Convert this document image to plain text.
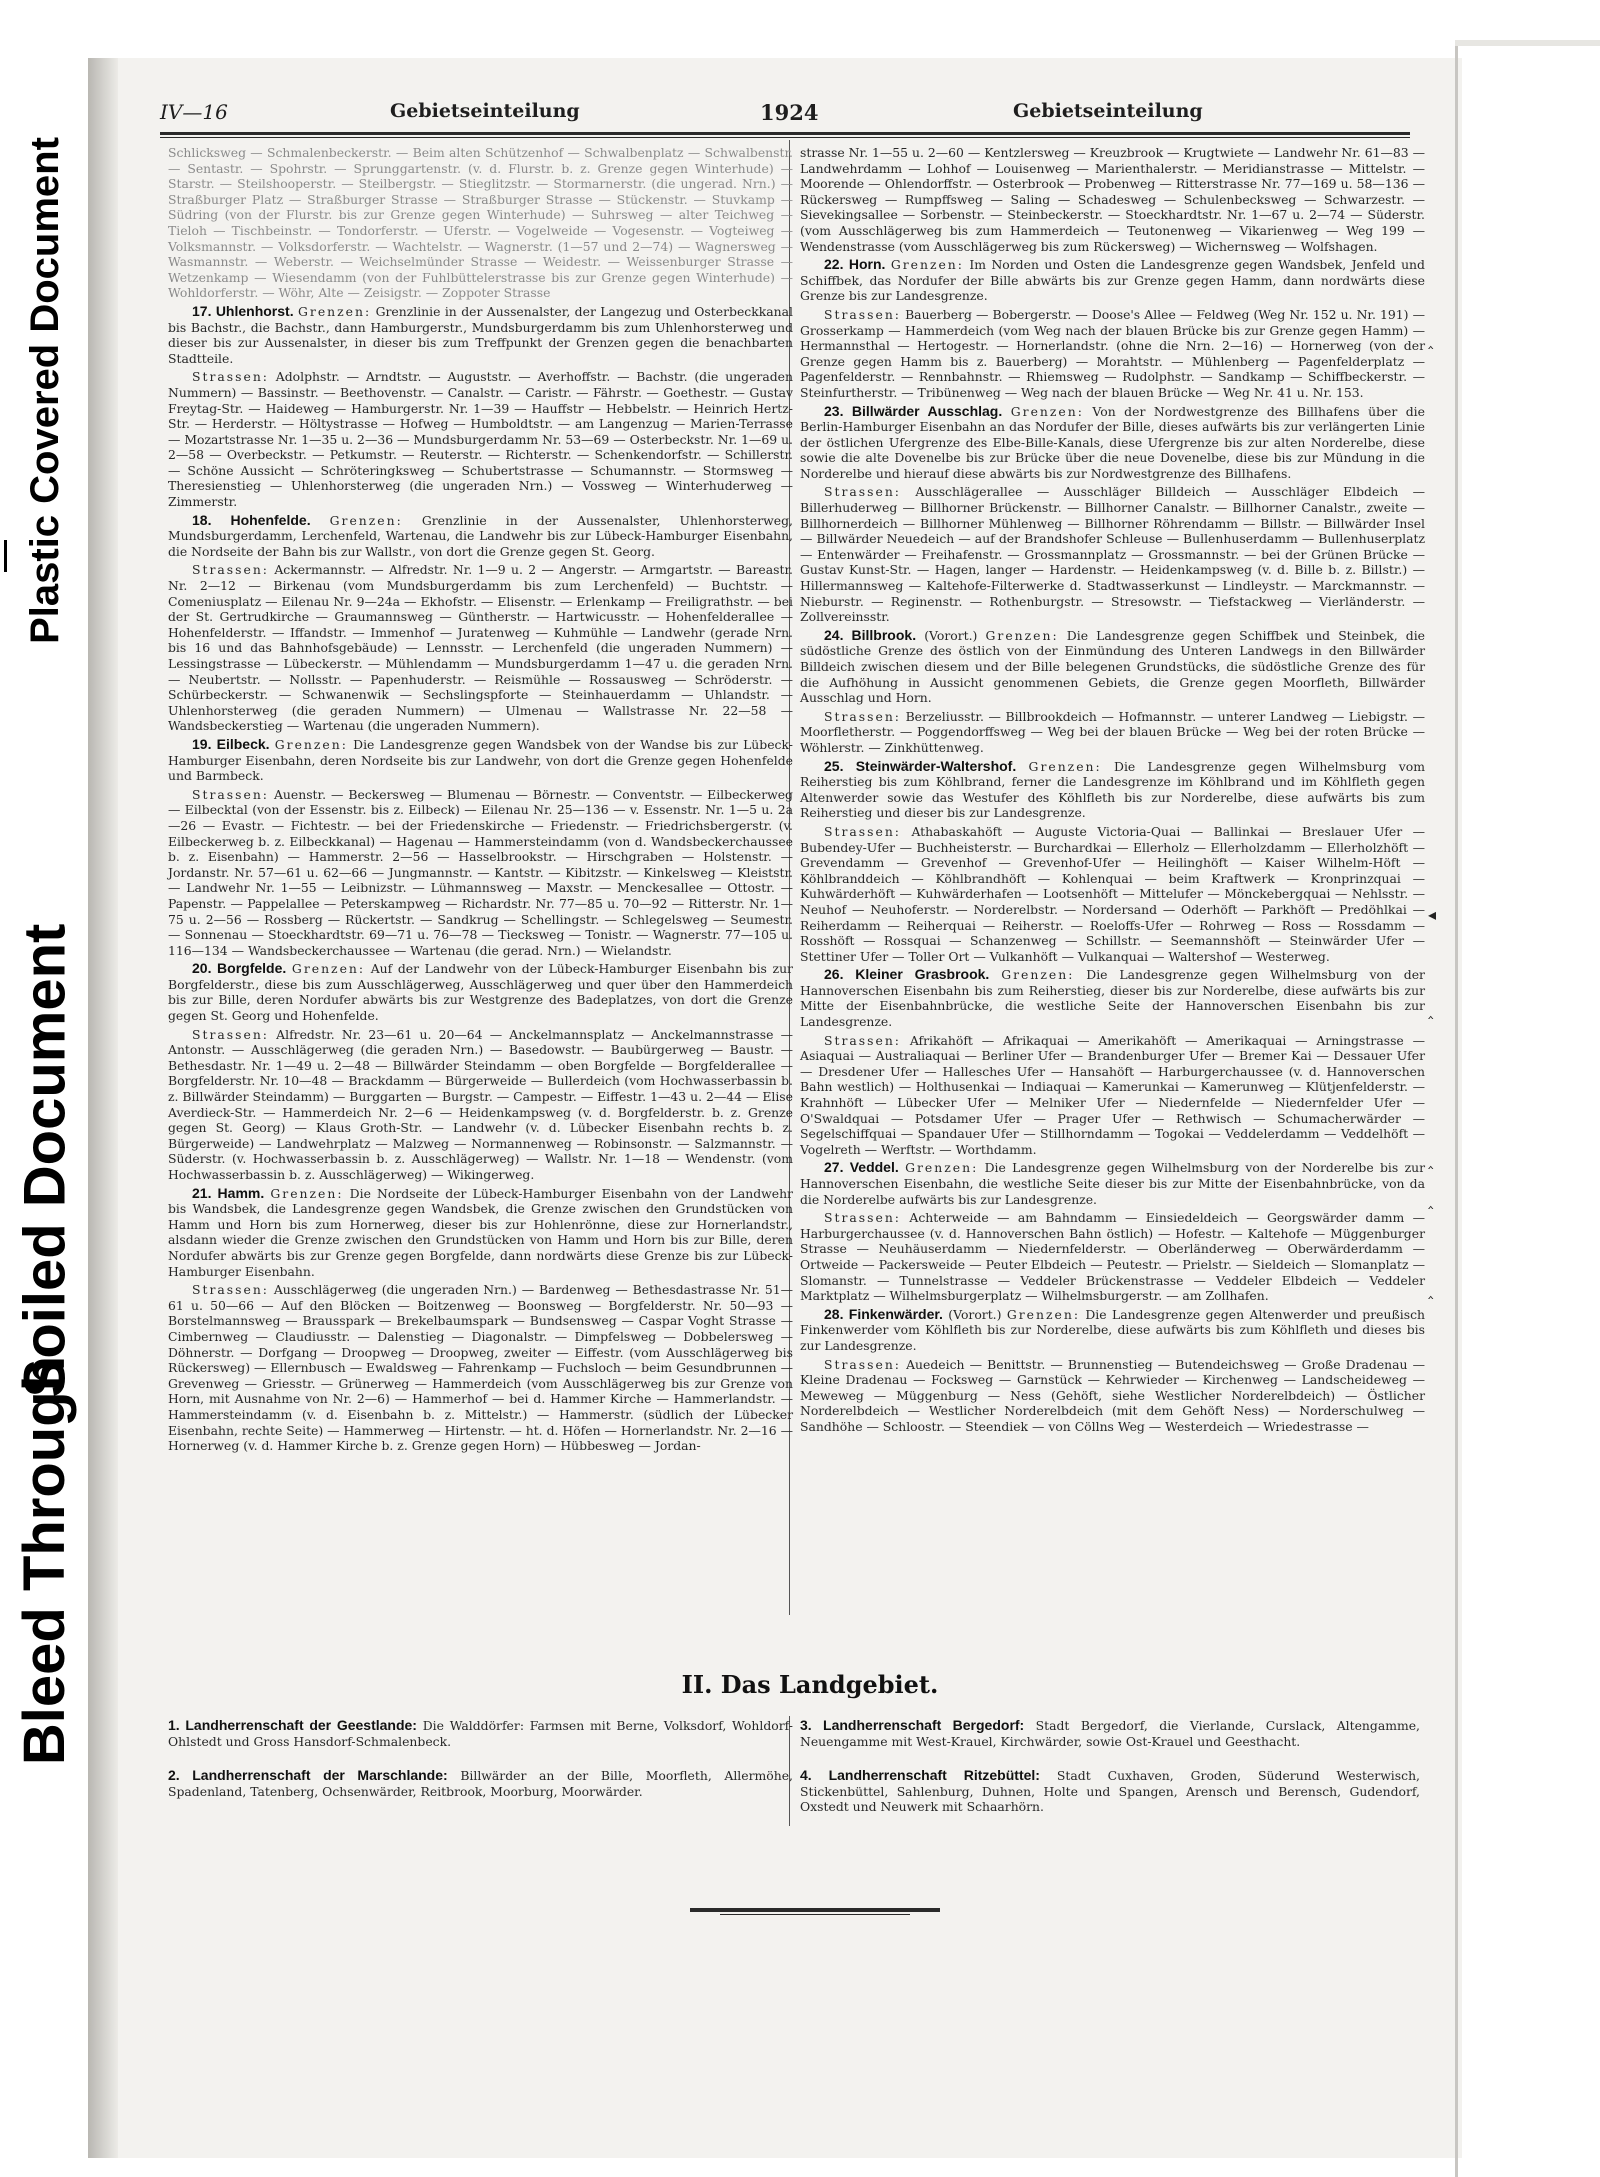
Plastic Covered Document
Soiled Document
Bleed Through
IV—16	Gebietseinteilung	1924	Gebietseinteilung

Schlicksweg — Schmalenbeckerstr. — Beim alten Schützenhof — Schwalbenplatz — Schwalbenstr. — Sentastr. — Spohrstr. — Sprunggartenstr. (v. d. Flurstr. b. z. Grenze gegen Winterhude) — Starstr. — Steilshooperstr. — Steilbergstr. — Stieglitzstr. — Stormarnerstr. (die ungerad. Nrn.) — Straßburger Platz — Straßburger Strasse — Straßburger Strasse — Stückenstr. — Stuvkamp — Südring (von der Flurstr. bis zur Grenze gegen Winterhude) — Suhrsweg — alter Teichweg — Tieloh — Tischbeinstr. — Tondorferstr. — Uferstr. — Vogelweide — Vogesenstr. — Vogteiweg — Volksmannstr. — Volksdorferstr. — Wachtelstr. — Wagnerstr. (1—57 und 2—74) — Wagnersweg — Wasmannstr. — Weberstr. — Weichselmünder Strasse — Weidestr. — Weissenburger Strasse — Wetzenkamp — Wiesendamm (von der Fuhlbüttelerstrasse bis zur Grenze gegen Winterhude) — Wohldorferstr. — Wöhr, Alte — Zeisigstr. — Zoppoter Strasse

17. Uhlenhorst. Grenzen: Grenzlinie in der Aussenalster, der Langezug und Osterbeckkanal bis Bachstr., die Bachstr., dann Hamburgerstr., Mundsburgerdamm bis zum Uhlenhorsterweg und dieser bis zur Aussenalster, in dieser bis zum Treffpunkt der Grenzen gegen die benachbarten Stadtteile.

Strassen: Adolphstr. — Arndtstr. — Auguststr. — Averhoffstr. — Bachstr. (die ungeraden Nummern) — Bassinstr. — Beethovenstr. — Canalstr. — Caristr. — Fährstr. — Goethestr. — Gustav Freytag-Str. — Haideweg — Hamburgerstr. Nr. 1—39 — Hauffstr — Hebbelstr. — Heinrich Hertz-Str. — Herderstr. — Höltystrasse — Hofweg — Humboldtstr. — am Langenzug — Marien-Terrasse — Mozartstrasse Nr. 1—35 u. 2—36 — Mundsburgerdamm Nr. 53—69 — Osterbeckstr. Nr. 1—69 u. 2—58 — Overbeckstr. — Petkumstr. — Reuterstr. — Richterstr. — Schenkendorfstr. — Schillerstr. — Schöne Aussicht — Schröteringksweg — Schubertstrasse — Schumannstr. — Stormsweg — Theresienstieg — Uhlenhorsterweg (die ungeraden Nrn.) — Vossweg — Winterhuderweg — Zimmerstr.

18. Hohenfelde. Grenzen: Grenzlinie in der Aussenalster, Uhlenhorsterweg, Mundsburgerdamm, Lerchenfeld, Wartenau, die Landwehr bis zur Lübeck-Hamburger Eisenbahn, die Nordseite der Bahn bis zur Wallstr., von dort die Grenze gegen St. Georg.

Strassen: Ackermannstr. — Alfredstr. Nr. 1—9 u. 2 — Angerstr. — Armgartstr. — Bareastr. Nr. 2—12 — Birkenau (vom Mundsburgerdamm bis zum Lerchenfeld) — Buchtstr. — Comeniusplatz — Eilenau Nr. 9—24a — Ekhofstr. — Elisenstr. — Erlenkamp — Freiligrathstr. — bei der St. Gertrudkirche — Graumannsweg — Güntherstr. — Hartwicusstr. — Hohenfelderallee — Hohenfelderstr. — Iffandstr. — Immenhof — Juratenweg — Kuhmühle — Landwehr (gerade Nrn. bis 16 und das Bahnhofsgebäude) — Lennsstr. — Lerchenfeld (die ungeraden Nummern) — Lessingstrasse — Lübeckerstr. — Mühlendamm — Mundsburgerdamm 1—47 u. die geraden Nrn. — Neubertstr. — Nollsstr. — Papenhuderstr. — Reismühle — Rossausweg — Schröderstr. — Schürbeckerstr. — Schwanenwik — Sechslingspforte — Steinhauerdamm — Uhlandstr. — Uhlenhorsterweg (die geraden Nummern) — Ulmenau — Wallstrasse Nr. 22—58 — Wandsbeckerstieg — Wartenau (die ungeraden Nummern).

19. Eilbeck. Grenzen: Die Landesgrenze gegen Wandsbek von der Wandse bis zur Lübeck-Hamburger Eisenbahn, deren Nordseite bis zur Landwehr, von dort die Grenze gegen Hohenfelde und Barmbeck.

Strassen: Auenstr. — Beckersweg — Blumenau — Börnestr. — Conventstr. — Eilbeckerweg — Eilbecktal (von der Essenstr. bis z. Eilbeck) — Eilenau Nr. 25—136 — v. Essenstr. Nr. 1—5 u. 2a—26 — Evastr. — Fichtestr. — bei der Friedenskirche — Friedenstr. — Friedrichsbergerstr. (v. Eilbeckerweg b. z. Eilbeckkanal) — Hagenau — Hammersteindamm (von d. Wandsbeckerchaussee b. z. Eisenbahn) — Hammerstr. 2—56 — Hasselbrookstr. — Hirschgraben — Holstenstr. — Jordanstr. Nr. 57—61 u. 62—66 — Jungmannstr. — Kantstr. — Kibitzstr. — Kinkelsweg — Kleiststr. — Landwehr Nr. 1—55 — Leibnizstr. — Lühmannsweg — Maxstr. — Menckesallee — Ottostr. — Papenstr. — Pappelallee — Peterskampweg — Richardstr. Nr. 77—85 u. 70—92 — Ritterstr. Nr. 1—75 u. 2—56 — Rossberg — Rückertstr. — Sandkrug — Schellingstr. — Schlegelsweg — Seumestr. — Sonnenau — Stoeckhardtstr. 69—71 u. 76—78 — Tiecksweg — Tonistr. — Wagnerstr. 77—105 u. 116—134 — Wandsbeckerchaussee — Wartenau (die gerad. Nrn.) — Wielandstr.

20. Borgfelde. Grenzen: Auf der Landwehr von der Lübeck-Hamburger Eisenbahn bis zur Borgfelderstr., diese bis zum Ausschlägerweg, Ausschlägerweg und quer über den Hammerdeich bis zur Bille, deren Nordufer abwärts bis zur Westgrenze des Badeplatzes, von dort die Grenze gegen St. Georg und Hohenfelde.

Strassen: Alfredstr. Nr. 23—61 u. 20—64 — Anckelmannsplatz — Anckelmannstrasse — Antonstr. — Ausschlägerweg (die geraden Nrn.) — Basedowstr. — Baubürgerweg — Baustr. — Bethesdastr. Nr. 1—49 u. 2—48 — Billwärder Steindamm — oben Borgfelde — Borgfelderallee — Borgfelderstr. Nr. 10—48 — Brackdamm — Bürgerweide — Bullerdeich (vom Hochwasserbassin b. z. Billwärder Steindamm) — Burggarten — Burgstr. — Campestr. — Eiffestr. 1—43 u. 2—44 — Elise Averdieck-Str. — Hammerdeich Nr. 2—6 — Heidenkampsweg (v. d. Borgfelderstr. b. z. Grenze gegen St. Georg) — Klaus Groth-Str. — Landwehr (v. d. Lübecker Eisenbahn rechts b. z. Bürgerweide) — Landwehrplatz — Malzweg — Normannenweg — Robinsonstr. — Salzmannstr. — Süderstr. (v. Hochwasserbassin b. z. Ausschlägerweg) — Wallstr. Nr. 1—18 — Wendenstr. (vom Hochwasserbassin b. z. Ausschlägerweg) — Wikingerweg.

21. Hamm. Grenzen: Die Nordseite der Lübeck-Hamburger Eisenbahn von der Landwehr bis Wandsbek, die Landesgrenze gegen Wandsbek, die Grenze zwischen den Grundstücken von Hamm und Horn bis zum Hornerweg, dieser bis zur Hohlenrönne, diese zur Hornerlandstr., alsdann wieder die Grenze zwischen den Grundstücken von Hamm und Horn bis zur Bille, deren Nordufer abwärts bis zur Grenze gegen Borgfelde, dann nordwärts diese Grenze bis zur Lübeck-Hamburger Eisenbahn.

Strassen: Ausschlägerweg (die ungeraden Nrn.) — Bardenweg — Bethesdastrasse Nr. 51—61 u. 50—66 — Auf den Blöcken — Boitzenweg — Boonsweg — Borgfelderstr. Nr. 50—93 — Borstelmannsweg — Brausspark — Brekelbaumspark — Bundsensweg — Caspar Voght Strasse — Cimbernweg — Claudiusstr. — Dalenstieg — Diagonalstr. — Dimpfelsweg — Dobbelersweg — Döhnerstr. — Dorfgang — Droopweg — Droopweg, zweiter — Eiffestr. (vom Ausschlägerweg bis Rückersweg) — Ellernbusch — Ewaldsweg — Fahrenkamp — Fuchsloch — beim Gesundbrunnen — Grevenweg — Griesstr. — Grünerweg — Hammerdeich (vom Ausschlägerweg bis zur Grenze von Horn, mit Ausnahme von Nr. 2—6) — Hammerhof — bei d. Hammer Kirche — Hammerlandstr. — Hammersteindamm (v. d. Eisenbahn b. z. Mittelstr.) — Hammerstr. (südlich der Lübecker Eisenbahn, rechte Seite) — Hammerweg — Hirtenstr. — ht. d. Höfen — Hornerlandstr. Nr. 2—16 — Hornerweg (v. d. Hammer Kirche b. z. Grenze gegen Horn) — Hübbesweg — Jordan-

strasse Nr. 1—55 u. 2—60 — Kentzlersweg — Kreuzbrook — Krugtwiete — Landwehr Nr. 61—83 — Landwehrdamm — Lohhof — Louisenweg — Marienthalerstr. — Meridianstrasse — Mittelstr. — Moorende — Ohlendorffstr. — Osterbrook — Probenweg — Ritterstrasse Nr. 77—169 u. 58—136 — Rückersweg — Rumpffsweg — Saling — Schadesweg — Schulenbecksweg — Schwarzestr. — Sievekingsallee — Sorbenstr. — Steinbeckerstr. — Stoeckhardtstr. Nr. 1—67 u. 2—74 — Süderstr. (vom Ausschlägerweg bis zum Hammerdeich — Teutonenweg — Vikarienweg — Weg 199 — Wendenstrasse (vom Ausschlägerweg bis zum Rückersweg) — Wichernsweg — Wolfshagen.

22. Horn. Grenzen: Im Norden und Osten die Landesgrenze gegen Wandsbek, Jenfeld und Schiffbek, das Nordufer der Bille abwärts bis zur Grenze gegen Hamm, dann nordwärts diese Grenze bis zur Landesgrenze.

Strassen: Bauerberg — Bobergerstr. — Doose's Allee — Feldweg (Weg Nr. 152 u. Nr. 191) — Grosserkamp — Hammerdeich (vom Weg nach der blauen Brücke bis zur Grenze gegen Hamm) — Hermannsthal — Hertogestr. — Hornerlandstr. (ohne die Nrn. 2—16) — Hornerweg (von der Grenze gegen Hamm bis z. Bauerberg) — Morahtstr. — Mühlenberg — Pagenfelderplatz — Pagenfelderstr. — Rennbahnstr. — Rhiemsweg — Rudolphstr. — Sandkamp — Schiffbeckerstr. — Steinfurtherstr. — Tribünenweg — Weg nach der blauen Brücke — Weg Nr. 41 u. Nr. 153.

23. Billwärder Ausschlag. Grenzen: Von der Nordwestgrenze des Billhafens über die Berlin-Hamburger Eisenbahn an das Nordufer der Bille, dieses aufwärts bis zur verlängerten Linie der östlichen Ufergrenze des Elbe-Bille-Kanals, diese Ufergrenze bis zur alten Norderelbe, diese sowie die alte Dovenelbe bis zur Brücke über die neue Dovenelbe, diese bis zur Mündung in die Norderelbe und hierauf diese abwärts bis zur Nordwestgrenze des Billhafens.

Strassen: Ausschlägerallee — Ausschläger Billdeich — Ausschläger Elbdeich — Billerhuderweg — Billhorner Brückenstr. — Billhorner Canalstr. — Billhorner Canalstr., zweite — Billhornerdeich — Billhorner Mühlenweg — Billhorner Röhrendamm — Billstr. — Billwärder Insel — Billwärder Neuedeich — auf der Brandshofer Schleuse — Bullenhuserdamm — Bullenhuserplatz — Entenwärder — Freihafenstr. — Grossmannplatz — Grossmannstr. — bei der Grünen Brücke — Gustav Kunst-Str. — Hagen, langer — Hardenstr. — Heidenkampsweg (v. d. Bille b. z. Billstr.) — Hillermannsweg — Kaltehofe-Filterwerke d. Stadtwasserkunst — Lindleystr. — Marckmannstr. — Nieburstr. — Reginenstr. — Rothenburgstr. — Stresowstr. — Tiefstackweg — Vierländerstr. — Zollvereinsstr.

24. Billbrook. (Vorort.) Grenzen: Die Landesgrenze gegen Schiffbek und Steinbek, die südöstliche Grenze des östlich von der Einmündung des Unteren Landwegs in den Billwärder Billdeich zwischen diesem und der Bille belegenen Grundstücks, die südöstliche Grenze des für die Aufhöhung in Aussicht genommenen Gebiets, die Grenze gegen Moorfleth, Billwärder Ausschlag und Horn.

Strassen: Berzeliusstr. — Billbrookdeich — Hofmannstr. — unterer Landweg — Liebigstr. — Moorfletherstr. — Poggendorffsweg — Weg bei der blauen Brücke — Weg bei der roten Brücke — Wöhlerstr. — Zinkhüttenweg.

25. Steinwärder-Waltershof. Grenzen: Die Landesgrenze gegen Wilhelmsburg vom Reiherstieg bis zum Köhlbrand, ferner die Landesgrenze im Köhlbrand und im Köhlfleth gegen Altenwerder sowie das Westufer des Köhlfleth bis zur Norderelbe, diese aufwärts bis zum Reiherstieg und dieser bis zur Landesgrenze.

Strassen: Athabaskahöft — Auguste Victoria-Quai — Ballinkai — Breslauer Ufer — Bubendey-Ufer — Buchheisterstr. — Burchardkai — Ellerholz — Ellerholzdamm — Ellerholzhöft — Grevendamm — Grevenhof — Grevenhof-Ufer — Heilinghöft — Kaiser Wilhelm-Höft — Köhlbranddeich — Köhlbrandhöft — Kohlenquai — beim Kraftwerk — Kronprinzquai — Kuhwärderhöft — Kuhwärderhafen — Lootsenhöft — Mittelufer — Mönckebergquai — Nehlsstr. — Neuhof — Neuhoferstr. — Norderelbstr. — Nordersand — Oderhöft — Parkhöft — Predöhlkai — Reiherdamm — Reiherquai — Reiherstr. — Roeloffs-Ufer — Rohrweg — Ross — Rossdamm — Rosshöft — Rossquai — Schanzenweg — Schillstr. — Seemannshöft — Steinwärder Ufer — Stettiner Ufer — Toller Ort — Vulkanhöft — Vulkanquai — Waltershof — Westerweg.

26. Kleiner Grasbrook. Grenzen: Die Landesgrenze gegen Wilhelmsburg von der Hannoverschen Eisenbahn bis zum Reiherstieg, dieser bis zur Norderelbe, diese aufwärts bis zur Mitte der Eisenbahnbrücke, die westliche Seite der Hannoverschen Eisenbahn bis zur Landesgrenze.

Strassen: Afrikahöft — Afrikaquai — Amerikahöft — Amerikaquai — Arningstrasse — Asiaquai — Australiaquai — Berliner Ufer — Brandenburger Ufer — Bremer Kai — Dessauer Ufer — Dresdener Ufer — Hallesches Ufer — Hansahöft — Harburgerchaussee (v. d. Hannoverschen Bahn westlich) — Holthusenkai — Indiaquai — Kamerunkai — Kamerunweg — Klütjenfelderstr. — Krahnhöft — Lübecker Ufer — Melniker Ufer — Niedernfelde — Niedernfelder Ufer — O'Swaldquai — Potsdamer Ufer — Prager Ufer — Rethwisch — Schumacherwärder — Segelschiffquai — Spandauer Ufer — Stillhorndamm — Togokai — Veddelerdamm — Veddelhöft — Vogelreth — Werftstr. — Worthdamm.

27. Veddel. Grenzen: Die Landesgrenze gegen Wilhelmsburg von der Norderelbe bis zur Hannoverschen Eisenbahn, die westliche Seite dieser bis zur Mitte der Eisenbahnbrücke, von da die Norderelbe aufwärts bis zur Landesgrenze.

Strassen: Achterweide — am Bahndamm — Einsiedeldeich — Georgswärder damm — Harburgerchaussee (v. d. Hannoverschen Bahn östlich) — Hofestr. — Kaltehofe — Müggenburger Strasse — Neuhäuserdamm — Niedernfelderstr. — Oberländerweg — Oberwärderdamm — Ortweide — Packersweide — Peuter Elbdeich — Peutestr. — Prielstr. — Sieldeich — Slomanplatz — Slomanstr. — Tunnelstrasse — Veddeler Brückenstrasse — Veddeler Elbdeich — Veddeler Marktplatz — Wilhelmsburgerplatz — Wilhelmsburgerstr. — am Zollhafen.

28. Finkenwärder. (Vorort.) Grenzen: Die Landesgrenze gegen Altenwerder und preußisch Finkenwerder vom Köhlfleth bis zur Norderelbe, diese aufwärts bis zum Köhlfleth und dieses bis zur Landesgrenze.

Strassen: Auedeich — Benittstr. — Brunnenstieg — Butendeichsweg — Große Dradenau — Kleine Dradenau — Focksweg — Garnstück — Kehrwieder — Kirchenweg — Landscheideweg — Meweweg — Müggenburg — Ness (Gehöft, siehe Westlicher Norderelbdeich) — Östlicher Norderelbdeich — Westlicher Norderelbdeich (mit dem Gehöft Ness) — Norderschulweg — Sandhöhe — Schloostr. — Steendiek — von Cöllns Weg — Westerdeich — Wriedestrasse —

II. Das Landgebiet.
1. Landherrenschaft der Geestlande: Die Walddörfer: Farmsen mit Berne, Volksdorf, Wohldorf-Ohlstedt und Gross Hansdorf-Schmalenbeck.
2. Landherrenschaft der Marschlande: Billwärder an der Bille, Moorfleth, Allermöhe, Spadenland, Tatenberg, Ochsenwärder, Reitbrook, Moorburg, Moorwärder.
3. Landherrenschaft Bergedorf: Stadt Bergedorf, die Vierlande, Curslack, Altengamme, Neuengamme mit West-Krauel, Kirchwärder, sowie Ost-Krauel und Geesthacht.
4. Landherrenschaft Ritzebüttel: Stadt Cuxhaven, Groden, Süderund Westerwisch, Stickenbüttel, Sahlenburg, Duhnen, Holte und Spangen, Arensch und Berensch, Gudendorf, Oxstedt und Neuwerk mit Schaarhörn.
‸
◂
‸
‸
‸
‸
